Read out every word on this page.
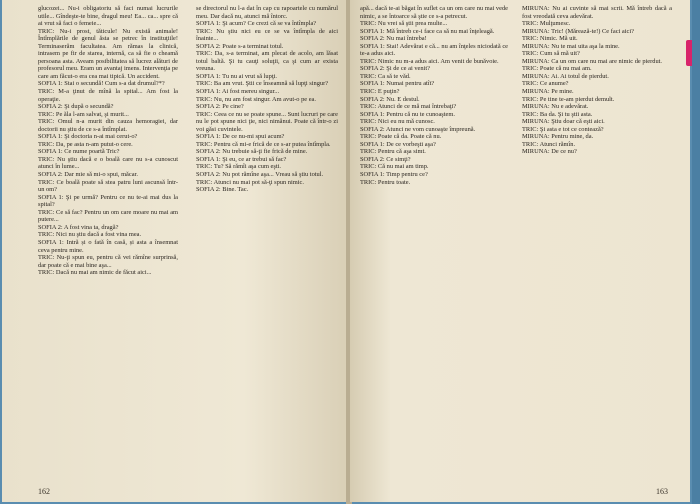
glucozei... Nu-i obligatoriu să faci numai lucrurile utile... Gîndeşte-te bine, dragul meu! Ea... ca... spre că ai vrut să faci o femeie...

TRIC: Nu-i prost, tăticule! Nu există animale! Întîmplările de genul ăsta se petrec în instituţiile! Terminaserăm facultatea. Am rămas la clinică, intrasem pe fir de starea, internă, ca să fie o cheamă persoana asta. Aveam posibilitatea să lucrez alături de profesorul meu. Eram un avantaj imens. Intervenţia pe care am făcut-o era cea mai tipică. Un accident.

SOFIA 1: Stai o secundă! Cum s-a dat drumul?*?

TRIC: M-a ţinut de mînă la spital... Am fost la operaţie.

SOFIA 2: Şi după o secundă?

TRIC: Pe ăla l-am salvat, şi murit...

TRIC: Omul n-a murit din cauza hemoragiei, dar doctorii nu ştiu de ce s-a întîmplat.

SOFIA 1: Şi doctoria n-ai mai cerut-o?

TRIC: Da, pe asta n-am putut-o cere.

SOFIA 1: Ce nume poartă Tric?

TRIC: Nu ştiu dacă e o boală care nu s-a cunoscut atunci în lume...

SOFIA 2: Dar mie să mi-o spui, măcar.

TRIC: Ce boală poate să stea patru luni ascunsă într-un om?

SOFIA 1: Şi pe urmă? Pentru ce nu te-ai mai dus la spital?

TRIC: Ce să fac? Pentru un om care moare nu mai am putere...

SOFIA 2: A fost vina ta, dragă?

TRIC: Nici nu ştiu dacă a fost vina mea.

SOFIA 1: Intră și o fată în casă, și asta a însemnat ceva pentru mine.

TRIC: Nu-ţi spun eu, pentru că vei rămîne surprinsă, dar poate că e mai bine aşa...

TRIC: Dacă nu mai am nimic de făcut aici...

se directorul nu l-a dat în cap cu rapoartele cu numărul meu. Dar dacă nu, atunci mă întorc.

SOFIA 1: Şi acum? Ce crezi că se va întîmpla?

TRIC: Nu ştiu nici eu ce se va întîmpla de aici înainte...

SOFIA 2: Poate s-a terminat totul.

TRIC: Da, s-a terminat, am plecat de acolo, am lăsat totul baltă. Şi tu cauţi soluţii, ca şi cum ar exista vreuna.

SOFIA 1: Tu nu ai vrut să lupţi.

TRIC: Ba am vrut. Ştii ce înseamnă să lupţi singur?

SOFIA 1: Ai fost mereu singur...

TRIC: Nu, nu am fost singur. Am avut-o pe ea.

SOFIA 2: Pe cine?

TRIC: Ceea ce nu se poate spune... Sunt lucruri pe care nu le pot spune nici ţie, nici nimănui. Poate că într-o zi voi găsi cuvintele.

SOFIA 1: De ce nu-mi spui acum?

TRIC: Pentru că mi-e frică de ce s-ar putea întîmpla.

SOFIA 2: Nu trebuie să-ţi fie frică de mine.

SOFIA 1: Şi eu, ce ar trebui să fac?

TRIC: Tu? Să rămîi aşa cum eşti.

SOFIA 2: Nu pot rămîne aşa... Vreau să ştiu totul.

TRIC: Atunci nu mai pot să-ţi spun nimic.

SOFIA 2: Bine. Tac.

162

apă... dacă te-ai băgat în suflet ca un om care nu mai vede nimic, a se întoarce să ştie ce s-a petrecut.

TRIC: Nu vrei să ştii prea multe...

SOFIA 1: Mă întreb ce-i face ca să nu mai înţeleagă.

SOFIA 2: Nu mai întreba!

SOFIA 1: Stai! Adevărat e că... nu am înţeles niciodată ce te-a adus aici.

TRIC: Nimic nu m-a adus aici. Am venit de bunăvoie.

SOFIA 2: Şi de ce ai venit?

TRIC: Ca să te văd.

SOFIA 1: Numai pentru atît?

TRIC: E puţin?

SOFIA 2: Nu. E destul.

TRIC: Atunci de ce mă mai întrebaţi?

SOFIA 1: Pentru că nu te cunoaştem.

TRIC: Nici eu nu mă cunosc.

SOFIA 2: Atunci ne vom cunoaşte împreună.

TRIC: Poate că da. Poate că nu.

SOFIA 1: De ce vorbeşti aşa?

TRIC: Pentru că aşa simt.

SOFIA 2: Ce simţi?

TRIC: Că nu mai am timp.

SOFIA 1: Timp pentru ce?

TRIC: Pentru toate.

MIRUNA: Nu ai cuvinte să mai scrii. Mă întreb dacă a fost vreodată ceva adevărat.

TRIC: Mulţumesc.

MIRUNA: Tric! (Mărează-te!) Ce faci aici?

TRIC: Nimic. Mă uit.

MIRUNA: Nu te mai uita aşa la mine.

TRIC: Cum să mă uit?

MIRUNA: Ca un om care nu mai are nimic de pierdut.

TRIC: Poate că nu mai am.

MIRUNA: Ai. Ai totul de pierdut.

TRIC: Ce anume?

MIRUNA: Pe mine.

TRIC: Pe tine te-am pierdut demult.

MIRUNA: Nu e adevărat.

TRIC: Ba da. Şi tu ştii asta.

MIRUNA: Ştiu doar că eşti aici.

TRIC: Şi asta e tot ce contează?

MIRUNA: Pentru mine, da.

TRIC: Atunci rămîn.

MIRUNA: De ce nu?

163
